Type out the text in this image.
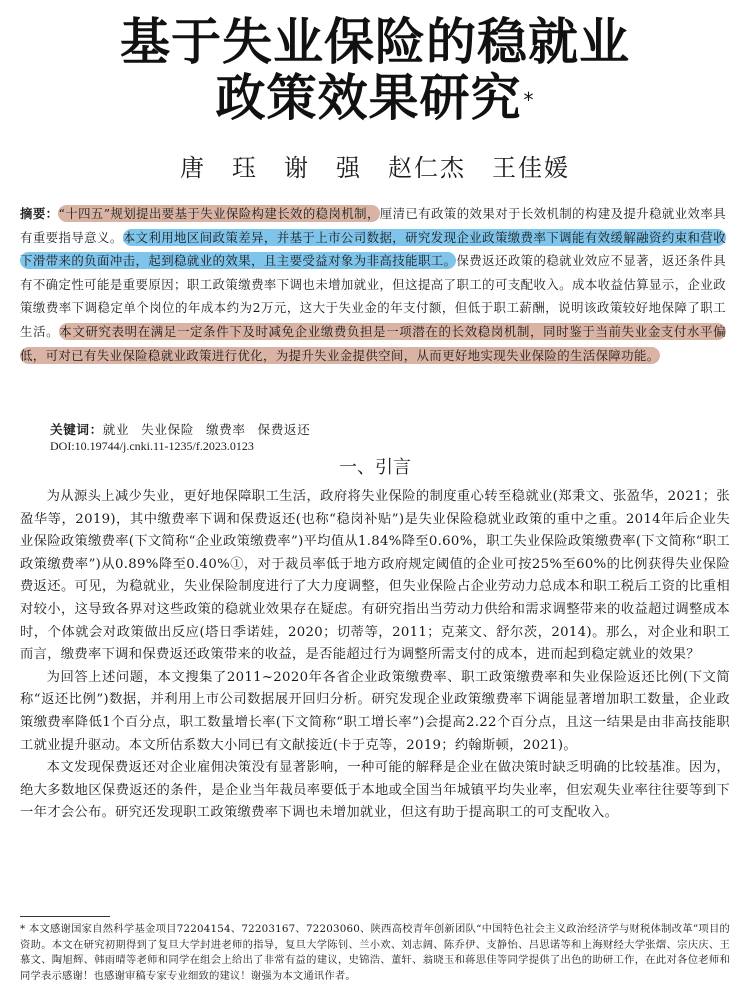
基于失业保险的稳就业
政策效果研究 *
唐　珏　谢　强　赵仁杰　王佳媛
摘要：“十四五”规划提出要基于失业保险构建长效的稳岗机制，厘清已有政策的效果对于长效机制的构建及提升稳就业效率具有重要指导意义。本文利用地区间政策差异，并基于上市公司数据，研究发现企业政策缴费率下调能有效缓解融资约束和营收下滑带来的负面冲击，起到稳就业的效果，且主要受益对象为非高技能职工。保费返还政策的稳就业效应不显著，返还条件具有不确定性可能是重要原因；职工政策缴费率下调也未增加就业，但这提高了职工的可支配收入。成本收益估算显示，企业政策缴费率下调稳定单个岗位的年成本约为2万元，这大于失业金的年支付额，但低于职工薪酬，说明该政策较好地保障了职工生活。本文研究表明在满足一定条件下及时减免企业缴费负担是一项潜在的长效稳岗机制，同时鉴于当前失业金支付水平偏低，可对已有失业保险稳就业政策进行优化，为提升失业金提供空间，从而更好地实现失业保险的生活保障功能。
关键词：就业 失业保险 缴费率 保费返还
DOI:10.19744/j.cnki.11-1235/f.2023.0123
一、引言

为从源头上减少失业，更好地保障职工生活，政府将失业保险的制度重心转至稳就业(郑秉文、张盈华，2021；张盈华等，2019)，其中缴费率下调和保费返还(也称“稳岗补贴”)是失业保险稳就业政策的重中之重。2014年后企业失业保险政策缴费率(下文简称“企业政策缴费率”)平均值从1.84%降至0.60%，职工失业保险政策缴费率(下文简称“职工政策缴费率”)从0.89%降至0.40%①，对于裁员率低于地方政府规定阈值的企业可按25%至60%的比例获得失业保险费返还。可见，为稳就业，失业保险制度进行了大力度调整，但失业保险占企业劳动力总成本和职工税后工资的比重相对较小，这导致各界对这些政策的稳就业效果存在疑虑。有研究指出当劳动力供给和需求调整带来的收益超过调整成本时，个体就会对政策做出反应(塔日季诺娃，2020；切蒂等，2011；克莱文、舒尔茨，2014)。那么，对企业和职工而言，缴费率下调和保费返还政策带来的收益，是否能超过行为调整所需支付的成本，进而起到稳定就业的效果？

为回答上述问题，本文搜集了2011~2020年各省企业政策缴费率、职工政策缴费率和失业保险返还比例(下文简称“返还比例”)数据，并利用上市公司数据展开回归分析。研究发现企业政策缴费率下调能显著增加职工数量，企业政策缴费率降低1个百分点，职工数量增长率(下文简称“职工增长率”)会提高2.22个百分点，且这一结果是由非高技能职工就业提升驱动。本文所估系数大小同已有文献接近(卡于克等，2019；约翰斯顿，2021)。

本文发现保费返还对企业雇佣决策没有显著影响，一种可能的解释是企业在做决策时缺乏明确的比较基准。因为，绝大多数地区保费返还的条件，是企业当年裁员率要低于本地或全国当年城镇平均失业率，但宏观失业率往往要等到下一年才会公布。研究还发现职工政策缴费率下调也未增加就业，但这有助于提高职工的可支配收入。

* 本文感谢国家自然科学基金项目72204154、72203167、72203060、陕西高校青年创新团队“中国特色社会主义政治经济学与财税体制改革”项目的资助。本文在研究初期得到了复旦大学封进老师的指导，复旦大学陈钊、兰小欢、刘志阔、陈乔伊、支静怡、吕思诺等和上海财经大学张熠、宗庆庆、王慕文、陶旭辉、韩雨晴等老师和同学在组会上给出了非常有益的建议，史锦浩、董轩、翁晓玉和蒋思佳等同学提供了出色的助研工作，在此对各位老师和同学表示感谢！也感谢审稿专家专业细致的建议！谢强为本文通讯作者。
